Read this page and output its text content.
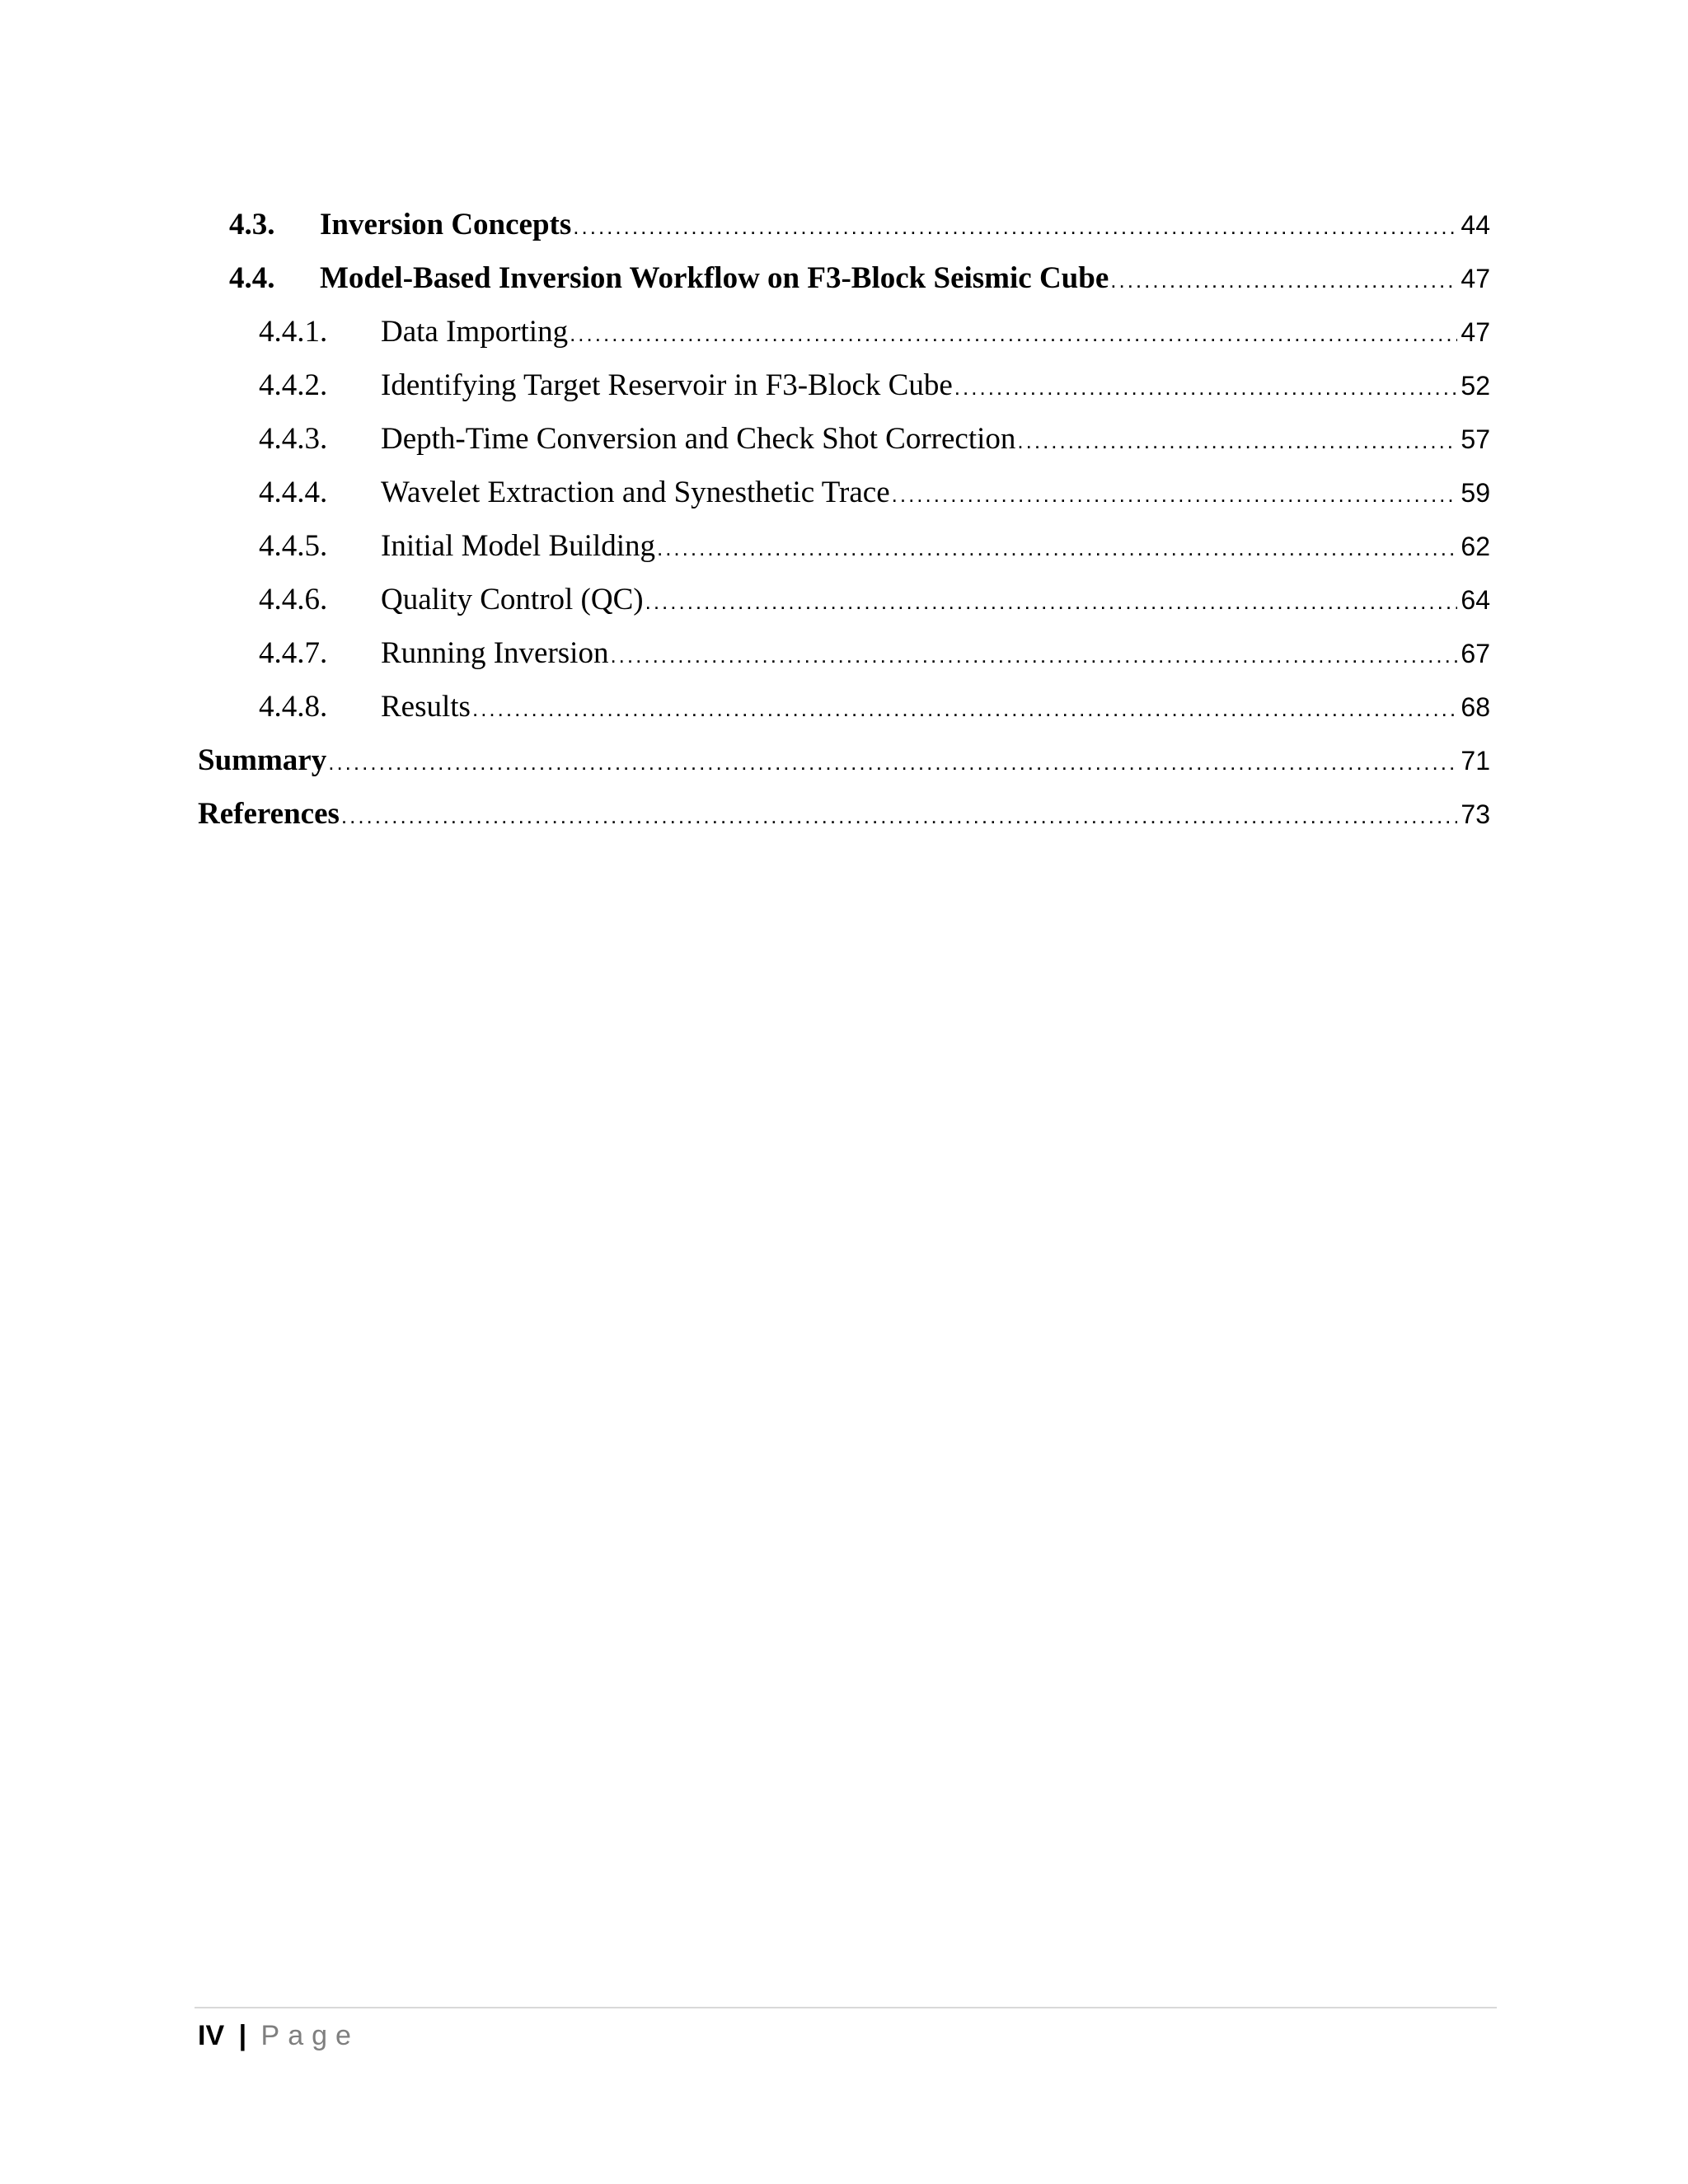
4.3.	Inversion Concepts .....	44
4.4.	Model-Based Inversion Workflow on F3-Block Seismic Cube .....	47
4.4.1.	Data Importing .....	47
4.4.2.	Identifying Target Reservoir in F3-Block Cube .....	52
4.4.3.	Depth-Time Conversion and Check Shot Correction .....	57
4.4.4.	Wavelet Extraction and Synesthetic Trace .....	59
4.4.5.	Initial Model Building .....	62
4.4.6.	Quality Control (QC) .....	64
4.4.7.	Running Inversion .....	67
4.4.8.	Results .....	68
Summary .....	71
References .....	73
IV | Page
